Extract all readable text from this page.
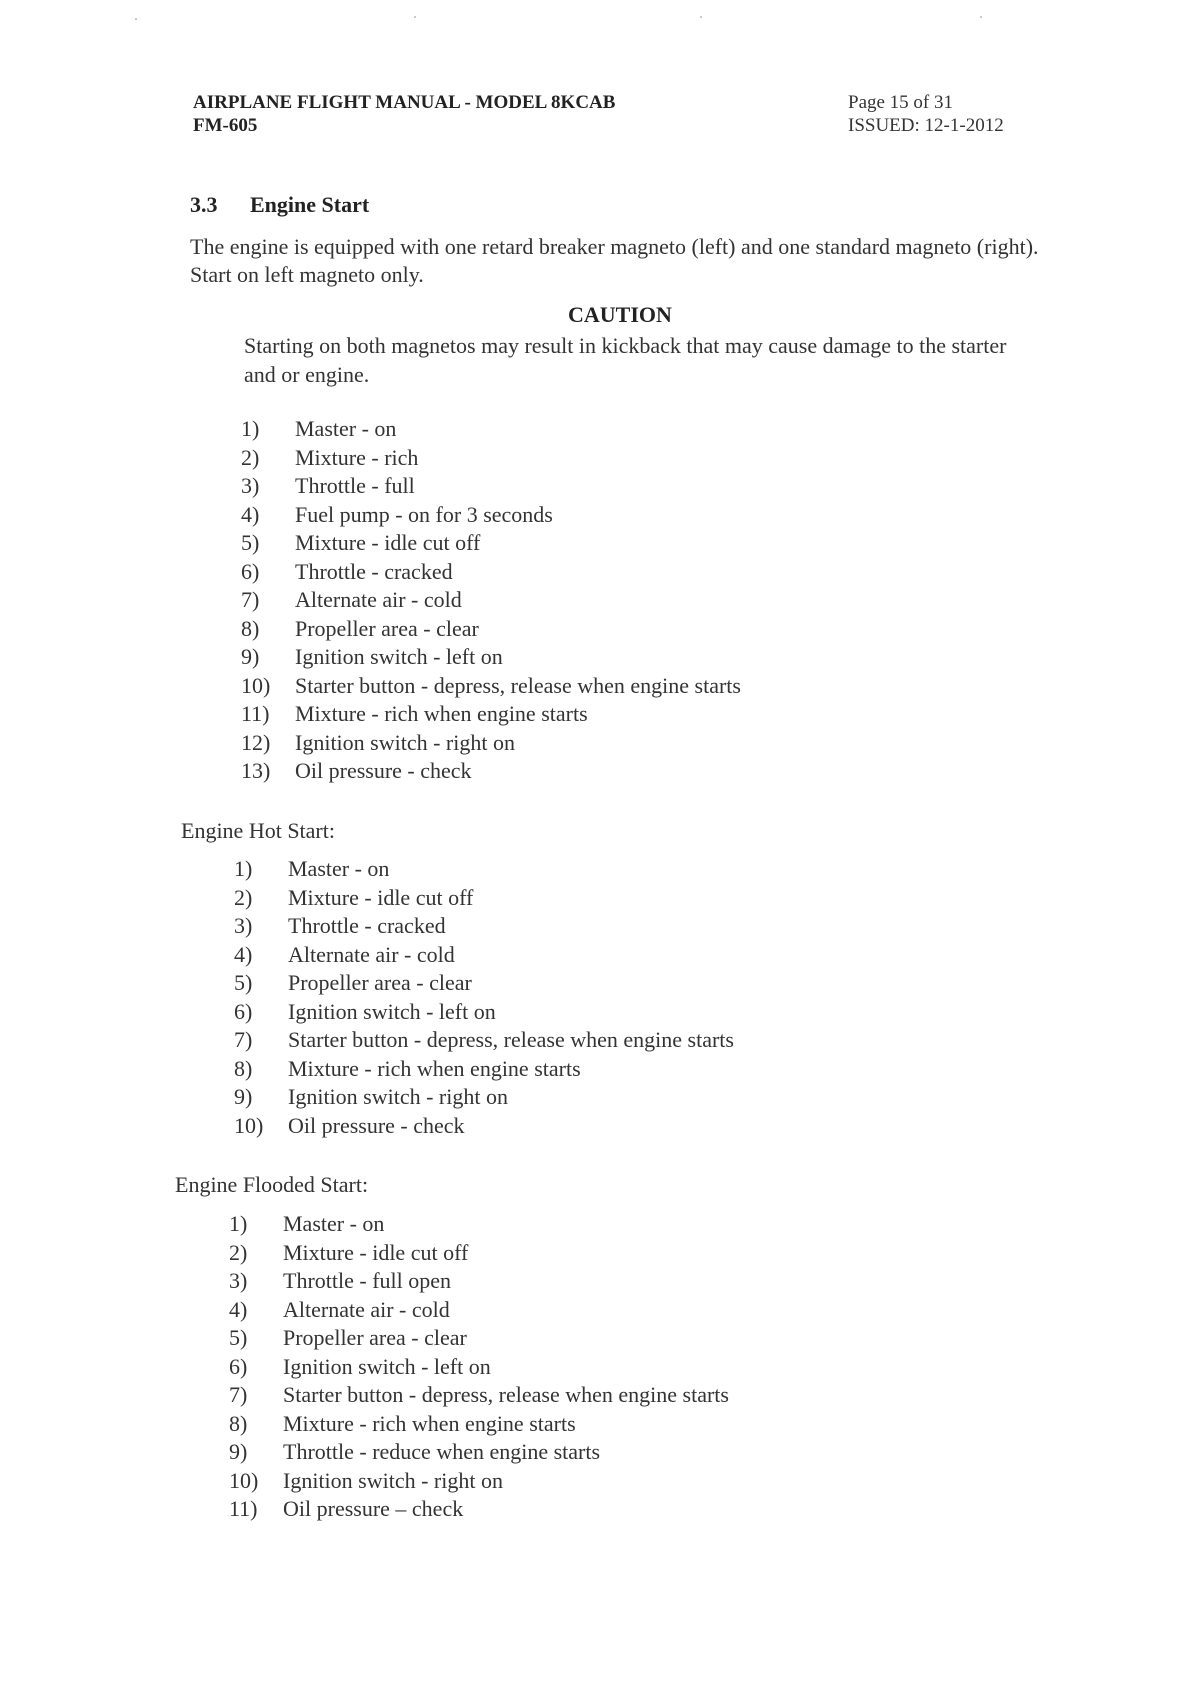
AIRPLANE FLIGHT MANUAL - MODEL 8KCAB
FM-605
Page 15 of 31
ISSUED: 12-1-2012
3.3 Engine Start
The engine is equipped with one retard breaker magneto (left) and one standard magneto (right). Start on left magneto only.
CAUTION
Starting on both magnetos may result in kickback that may cause damage to the starter and or engine.
1) Master - on
2) Mixture - rich
3) Throttle - full
4) Fuel pump - on for 3 seconds
5) Mixture - idle cut off
6) Throttle - cracked
7) Alternate air - cold
8) Propeller area - clear
9) Ignition switch - left on
10) Starter button - depress, release when engine starts
11) Mixture - rich when engine starts
12) Ignition switch - right on
13) Oil pressure - check
Engine Hot Start:
1) Master - on
2) Mixture - idle cut off
3) Throttle - cracked
4) Alternate air - cold
5) Propeller area - clear
6) Ignition switch - left on
7) Starter button - depress, release when engine starts
8) Mixture - rich when engine starts
9) Ignition switch - right on
10) Oil pressure - check
Engine Flooded Start:
1) Master - on
2) Mixture - idle cut off
3) Throttle - full open
4) Alternate air - cold
5) Propeller area - clear
6) Ignition switch - left on
7) Starter button - depress, release when engine starts
8) Mixture - rich when engine starts
9) Throttle - reduce when engine starts
10) Ignition switch - right on
11) Oil pressure – check
